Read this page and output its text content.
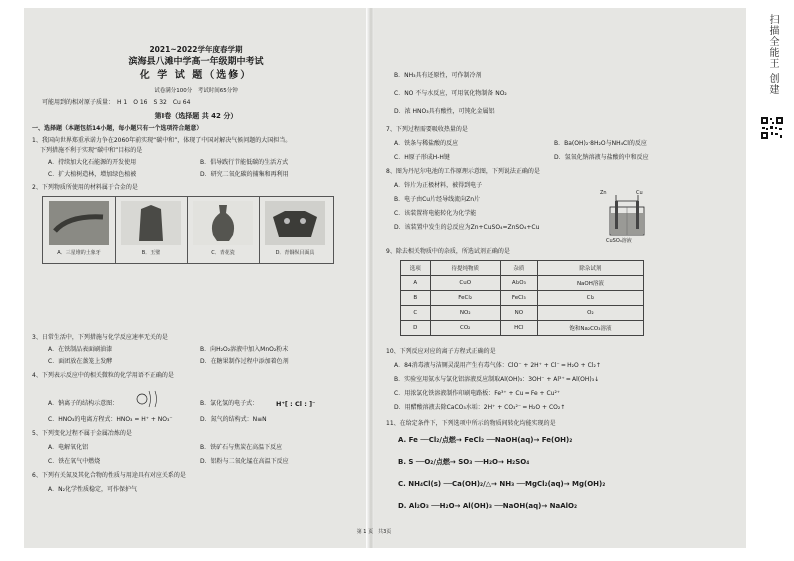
2021~2022学年度春学期
滨海县八滩中学高一年级期中考试
化 学 试 题（选修）
试卷满分100分　考试时间65分钟
可能用到的相对原子质量：　H 1　O 16　S 32　Cu 64
第Ⅰ卷（选择题 共 42 分）
一、选择题（本题包括14小题，每小题只有一个选项符合题意）
1、我国向世界郑重承诺力争在2060年前实现“碳中和”，体现了中国对解决气候问题的大国担当。
下列措施不利于实现“碳中和”目标的是
A．持续加大化石能源的开发使用	B．倡导践行节能低碳的生活方式
C．扩大植树造林，增加绿色植被	D．研究二氧化碳的捕集和再利用
2、下列物质所使用的材料属于合金的是
A．三星堆的土象牙	B．玉璧	C．青花瓷	D．青铜纵目面具
3、日常生活中，下列措施与化学反应速率无关的是
A．在铁制品表面刷油漆	B．向H₂O₂溶液中加入MnO₂粉末
C．面团放在蒸笼上发酵	D．在糖果制作过程中添加着色剂
4、下列表示反应中的相关微粒的化学用语不正确的是
A．钠离子的结构示意图：	B．氯化氢的电子式：	H⁺[ : Cl : ]⁻
C．HNO₃的电离方程式：HNO₃ = H⁺ + NO₃⁻	D．氮气的结构式：N≡N
5、下列变化过程不属于金属冶炼的是
A．电解氧化铝	B．铁矿石与焦炭在高温下反应
C．铁在氧气中燃烧	D．铝粉与二氧化锰在高温下反应
6、下列有关氮及其化合物的性质与用途具有对应关系的是
A．N₂化学性质稳定，可作保护气
B．NH₃具有还原性，可作制冷剂
C．NO 不与水反应，可用氧化物制备 NO₂
D．浓 HNO₃具有酸性，可钝化金属铝
7、下列过程需要吸收热量的是
A．铁条与稀盐酸的反应	B．Ba(OH)₂·8H₂O与NH₄Cl的反应
C．H原子形成H-H键	D．氢氧化钠溶液与盐酸的中和反应
8、图为丹尼尔电池的工作原理示意图，下列说法正确的是
A．锌片为正极材料，被得到电子
B．电子由Cu片经导线流向Zn片
C．该装置将电能转化为化学能
D．该装置中发生的总反应为Zn+CuSO₄=ZnSO₄+Cu
Zn	Cu
CuSO₄溶液
9、除去相关物质中的杂质，所选试剂正确的是
选项	待提纯物质	杂质	除杂试剂
A	CuO	Al₂O₃	NaOH溶液
B	FeCl₂	FeCl₃	Cl₂
C	NO₂	NO	O₂
D	CO₂	HCl	饱和Na₂CO₃溶液
10、下列反应对应的离子方程式正确的是
A．84消毒液与洁厕灵混用产生有毒气体：ClO⁻ + 2H⁺ + Cl⁻ ═ H₂O + Cl₂↑
B．实验室用氨水与氯化铝溶液反应制取Al(OH)₃：3OH⁻ + Al³⁺ ═ Al(OH)₃↓
C．用浓氯化铁溶液制作印刷电路板：Fe³⁺ + Cu ═ Fe + Cu²⁺
D．用醋酸溶液去除CaCO₃水垢：2H⁺ + CO₃²⁻ ═ H₂O + CO₂↑
11、在给定条件下，下列选项中所示的物质间转化均能实现的是
A. Fe ──Cl₂/点燃→ FeCl₂ ──NaOH(aq)→ Fe(OH)₂
B. S ──O₂/点燃→ SO₃ ──H₂O→ H₂SO₄
C. NH₄Cl(s) ──Ca(OH)₂/△→ NH₃ ──MgCl₂(aq)→ Mg(OH)₂
D. Al₂O₃ ──H₂O→ Al(OH)₃ ──NaOH(aq)→ NaAlO₂
第 1 页　共3页
扫描全能王 创建
